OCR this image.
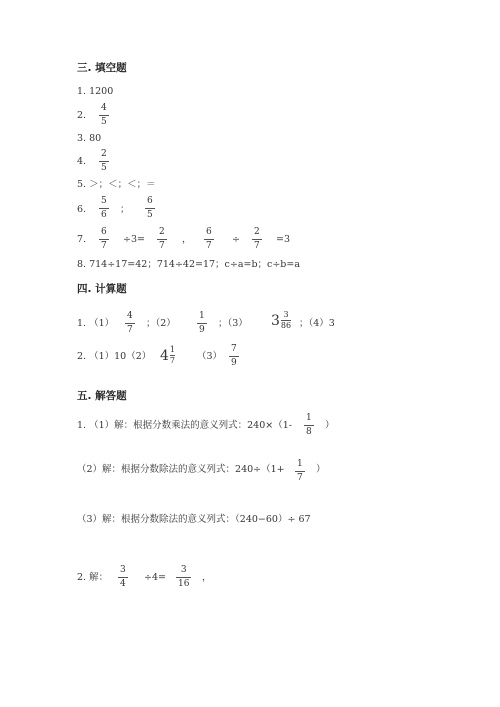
三. 填空题
1. 1200
2. $\frac{4}{5}$
3. 80
4. $\frac{2}{5}$
5. ＞；＜；＜；＝
6. $\frac{5}{6}$ ； $\frac{6}{5}$
7. $\frac{6}{7} \div 3= \frac{2}{7}$ ， $\frac{6}{7} \div \frac{2}{7} =3$
8. 714÷17=42；714÷42=17；c÷a=b；c÷b=a
四. 计算题
1. $(1) \frac{4}{7}$ ；$(2) \frac{1}{9}$ ；（3） $3 \frac{3}{86}$ ；（4）3
2. （1）10（2） $4 \frac{1}{7} (3) \frac{7}{9}$
五. 解答题
1. （1）解：根据分数乘法的意义列式：$240\times(1- \frac{1}{8}$ ）
（2）解：根据分数除法的意义列式：$240\div(1+ \frac{1}{7}$ ）
（3）解：根据分数除法的意义列式：（240−60）÷ 67
2. 解： $\frac{3}{4} \div 4= \frac{3}{16}$ ，
